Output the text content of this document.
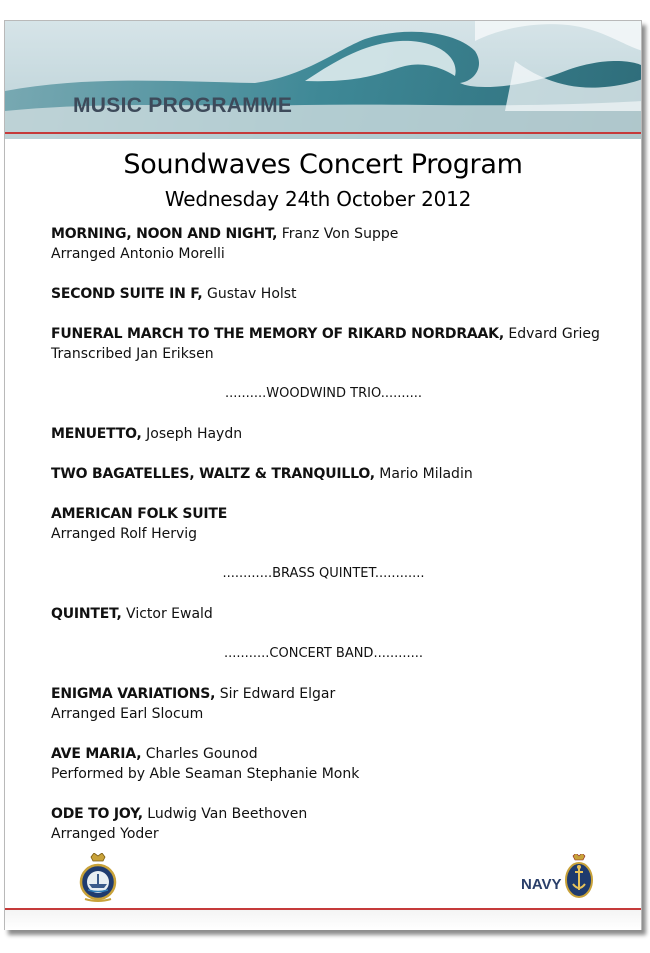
MUSIC PROGRAMME
Soundwaves Concert Program
Wednesday 24th October 2012
MORNING, NOON AND NIGHT, Franz Von Suppe
Arranged Antonio Morelli
SECOND SUITE IN F, Gustav Holst
FUNERAL MARCH TO THE MEMORY OF RIKARD NORDRAAK, Edvard Grieg
Transcribed Jan Eriksen
..........WOODWIND TRIO..........
MENUETTO, Joseph Haydn
TWO BAGATELLES, WALTZ & TRANQUILLO, Mario Miladin
AMERICAN FOLK SUITE
Arranged Rolf Hervig
............BRASS QUINTET............
QUINTET, Victor Ewald
...........CONCERT BAND............
ENIGMA VARIATIONS, Sir Edward Elgar
Arranged Earl Slocum
AVE MARIA, Charles Gounod
Performed by Able Seaman Stephanie Monk
ODE TO JOY, Ludwig Van Beethoven
Arranged Yoder
NAVY
